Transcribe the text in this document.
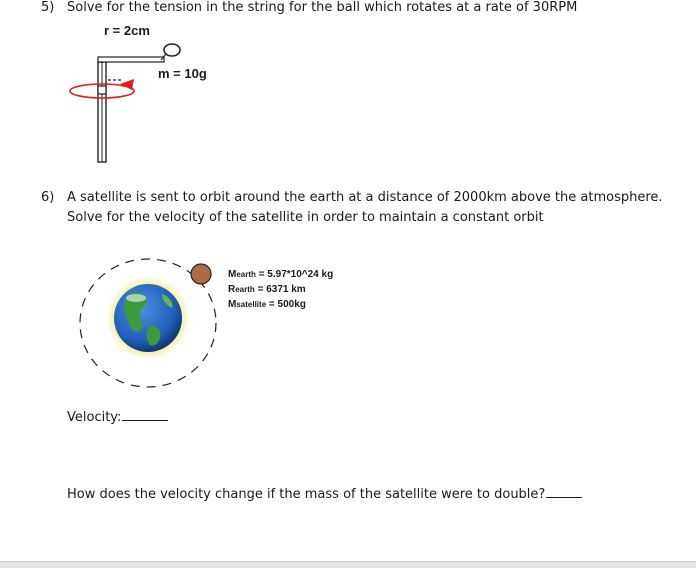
5) Solve for the tension in the string for the ball which rotates at a rate of 30RPM
r = 2cm
m = 10g
6) A satellite is sent to orbit around the earth at a distance of 2000km above the atmosphere.
Solve for the velocity of the satellite in order to maintain a constant orbit
Mearth = 5.97*10^24 kg
Rearth = 6371 km
Msatellite = 500kg
Velocity:
How does the velocity change if the mass of the satellite were to double?
